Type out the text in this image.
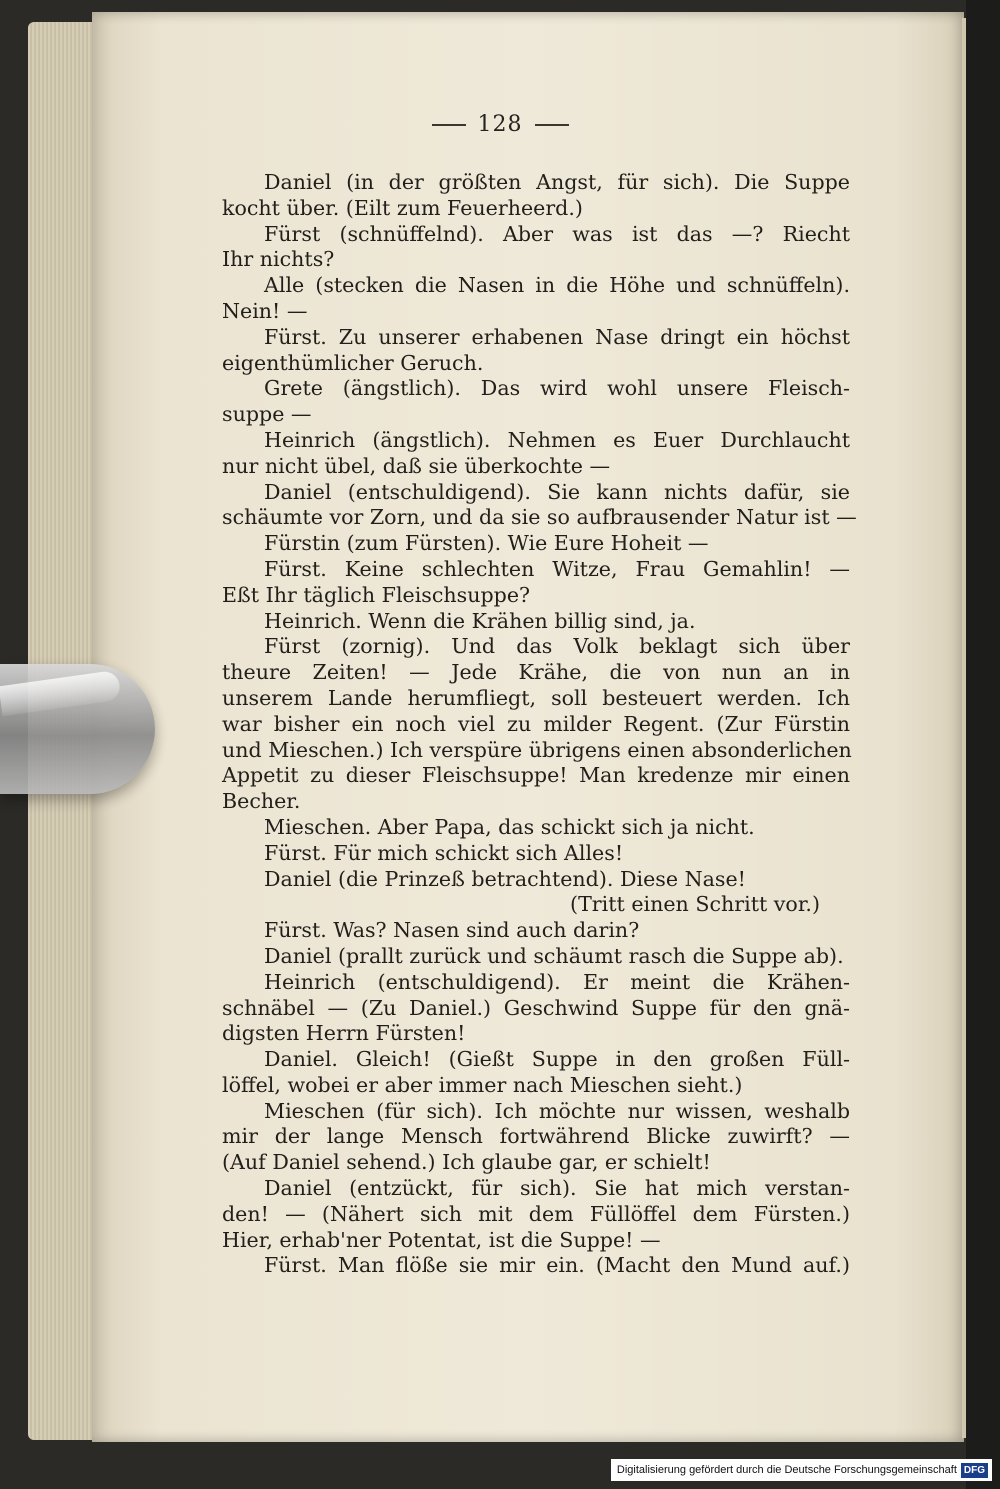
128
Daniel (in der größten Angst, für sich). Die Suppe
kocht über. (Eilt zum Feuerheerd.)
Fürst (schnüffelnd). Aber was ist das —? Riecht
Ihr nichts?
Alle (stecken die Nasen in die Höhe und schnüffeln).
Nein! —
Fürst. Zu unserer erhabenen Nase dringt ein höchst
eigenthümlicher Geruch.
Grete (ängstlich). Das wird wohl unsere Fleisch-
suppe —
Heinrich (ängstlich). Nehmen es Euer Durchlaucht
nur nicht übel, daß sie überkochte —
Daniel (entschuldigend). Sie kann nichts dafür, sie
schäumte vor Zorn, und da sie so aufbrausender Natur ist —
Fürstin (zum Fürsten). Wie Eure Hoheit —
Fürst. Keine schlechten Witze, Frau Gemahlin! —
Eßt Ihr täglich Fleischsuppe?
Heinrich. Wenn die Krähen billig sind, ja.
Fürst (zornig). Und das Volk beklagt sich über
theure Zeiten! — Jede Krähe, die von nun an in
unserem Lande herumfliegt, soll besteuert werden. Ich
war bisher ein noch viel zu milder Regent. (Zur Fürstin
und Mieschen.) Ich verspüre übrigens einen absonderlichen
Appetit zu dieser Fleischsuppe! Man kredenze mir einen
Becher.
Mieschen. Aber Papa, das schickt sich ja nicht.
Fürst. Für mich schickt sich Alles!
Daniel (die Prinzeß betrachtend). Diese Nase!
(Tritt einen Schritt vor.)
Fürst. Was? Nasen sind auch darin?
Daniel (prallt zurück und schäumt rasch die Suppe ab).
Heinrich (entschuldigend). Er meint die Krähen-
schnäbel — (Zu Daniel.) Geschwind Suppe für den gnä-
digsten Herrn Fürsten!
Daniel. Gleich! (Gießt Suppe in den großen Füll-
löffel, wobei er aber immer nach Mieschen sieht.)
Mieschen (für sich). Ich möchte nur wissen, weshalb
mir der lange Mensch fortwährend Blicke zuwirft? —
(Auf Daniel sehend.) Ich glaube gar, er schielt!
Daniel (entzückt, für sich). Sie hat mich verstan-
den! — (Nähert sich mit dem Füllöffel dem Fürsten.)
Hier, erhab'ner Potentat, ist die Suppe! —
Fürst. Man flöße sie mir ein. (Macht den Mund auf.)
Digitalisierung gefördert durch die Deutsche Forschungsgemeinschaft DFG
